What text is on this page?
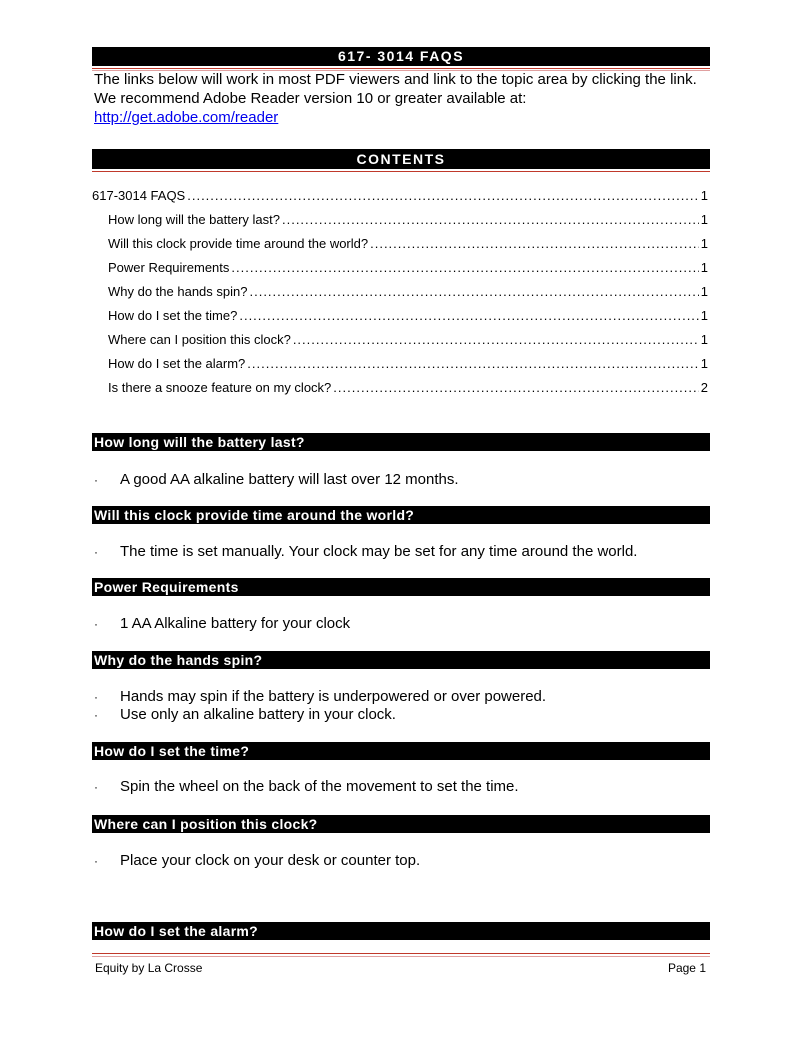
617- 3014 FAQS
The links below will work in most PDF viewers and link to the topic area by clicking the link. We recommend Adobe Reader version 10 or greater available at:
http://get.adobe.com/reader
CONTENTS
617-3014 FAQS .....	1
How long will the battery last? .....	1
Will this clock provide time around the world? .....	1
Power Requirements .....	1
Why do the hands spin? .....	1
How do I set the time? .....	1
Where can I position this clock? .....	1
How do I set the alarm? .....	1
Is there a snooze feature on my clock? .....	2
How long will the battery last?
·	A good AA alkaline battery will last over 12 months.
Will this clock provide time around the world?
·	The time is set manually. Your clock may be set for any time around the world.
Power Requirements
·	1 AA Alkaline battery for your clock
Why do the hands spin?
·	Hands may spin if the battery is underpowered or over powered.
·	Use only an alkaline battery in your clock.
How do I set the time?
·	Spin the wheel on the back of the movement to set the time.
Where can I position this clock?
·	Place your clock on your desk or counter top.
How do I set the alarm?
Equity by La Crosse	Page 1
